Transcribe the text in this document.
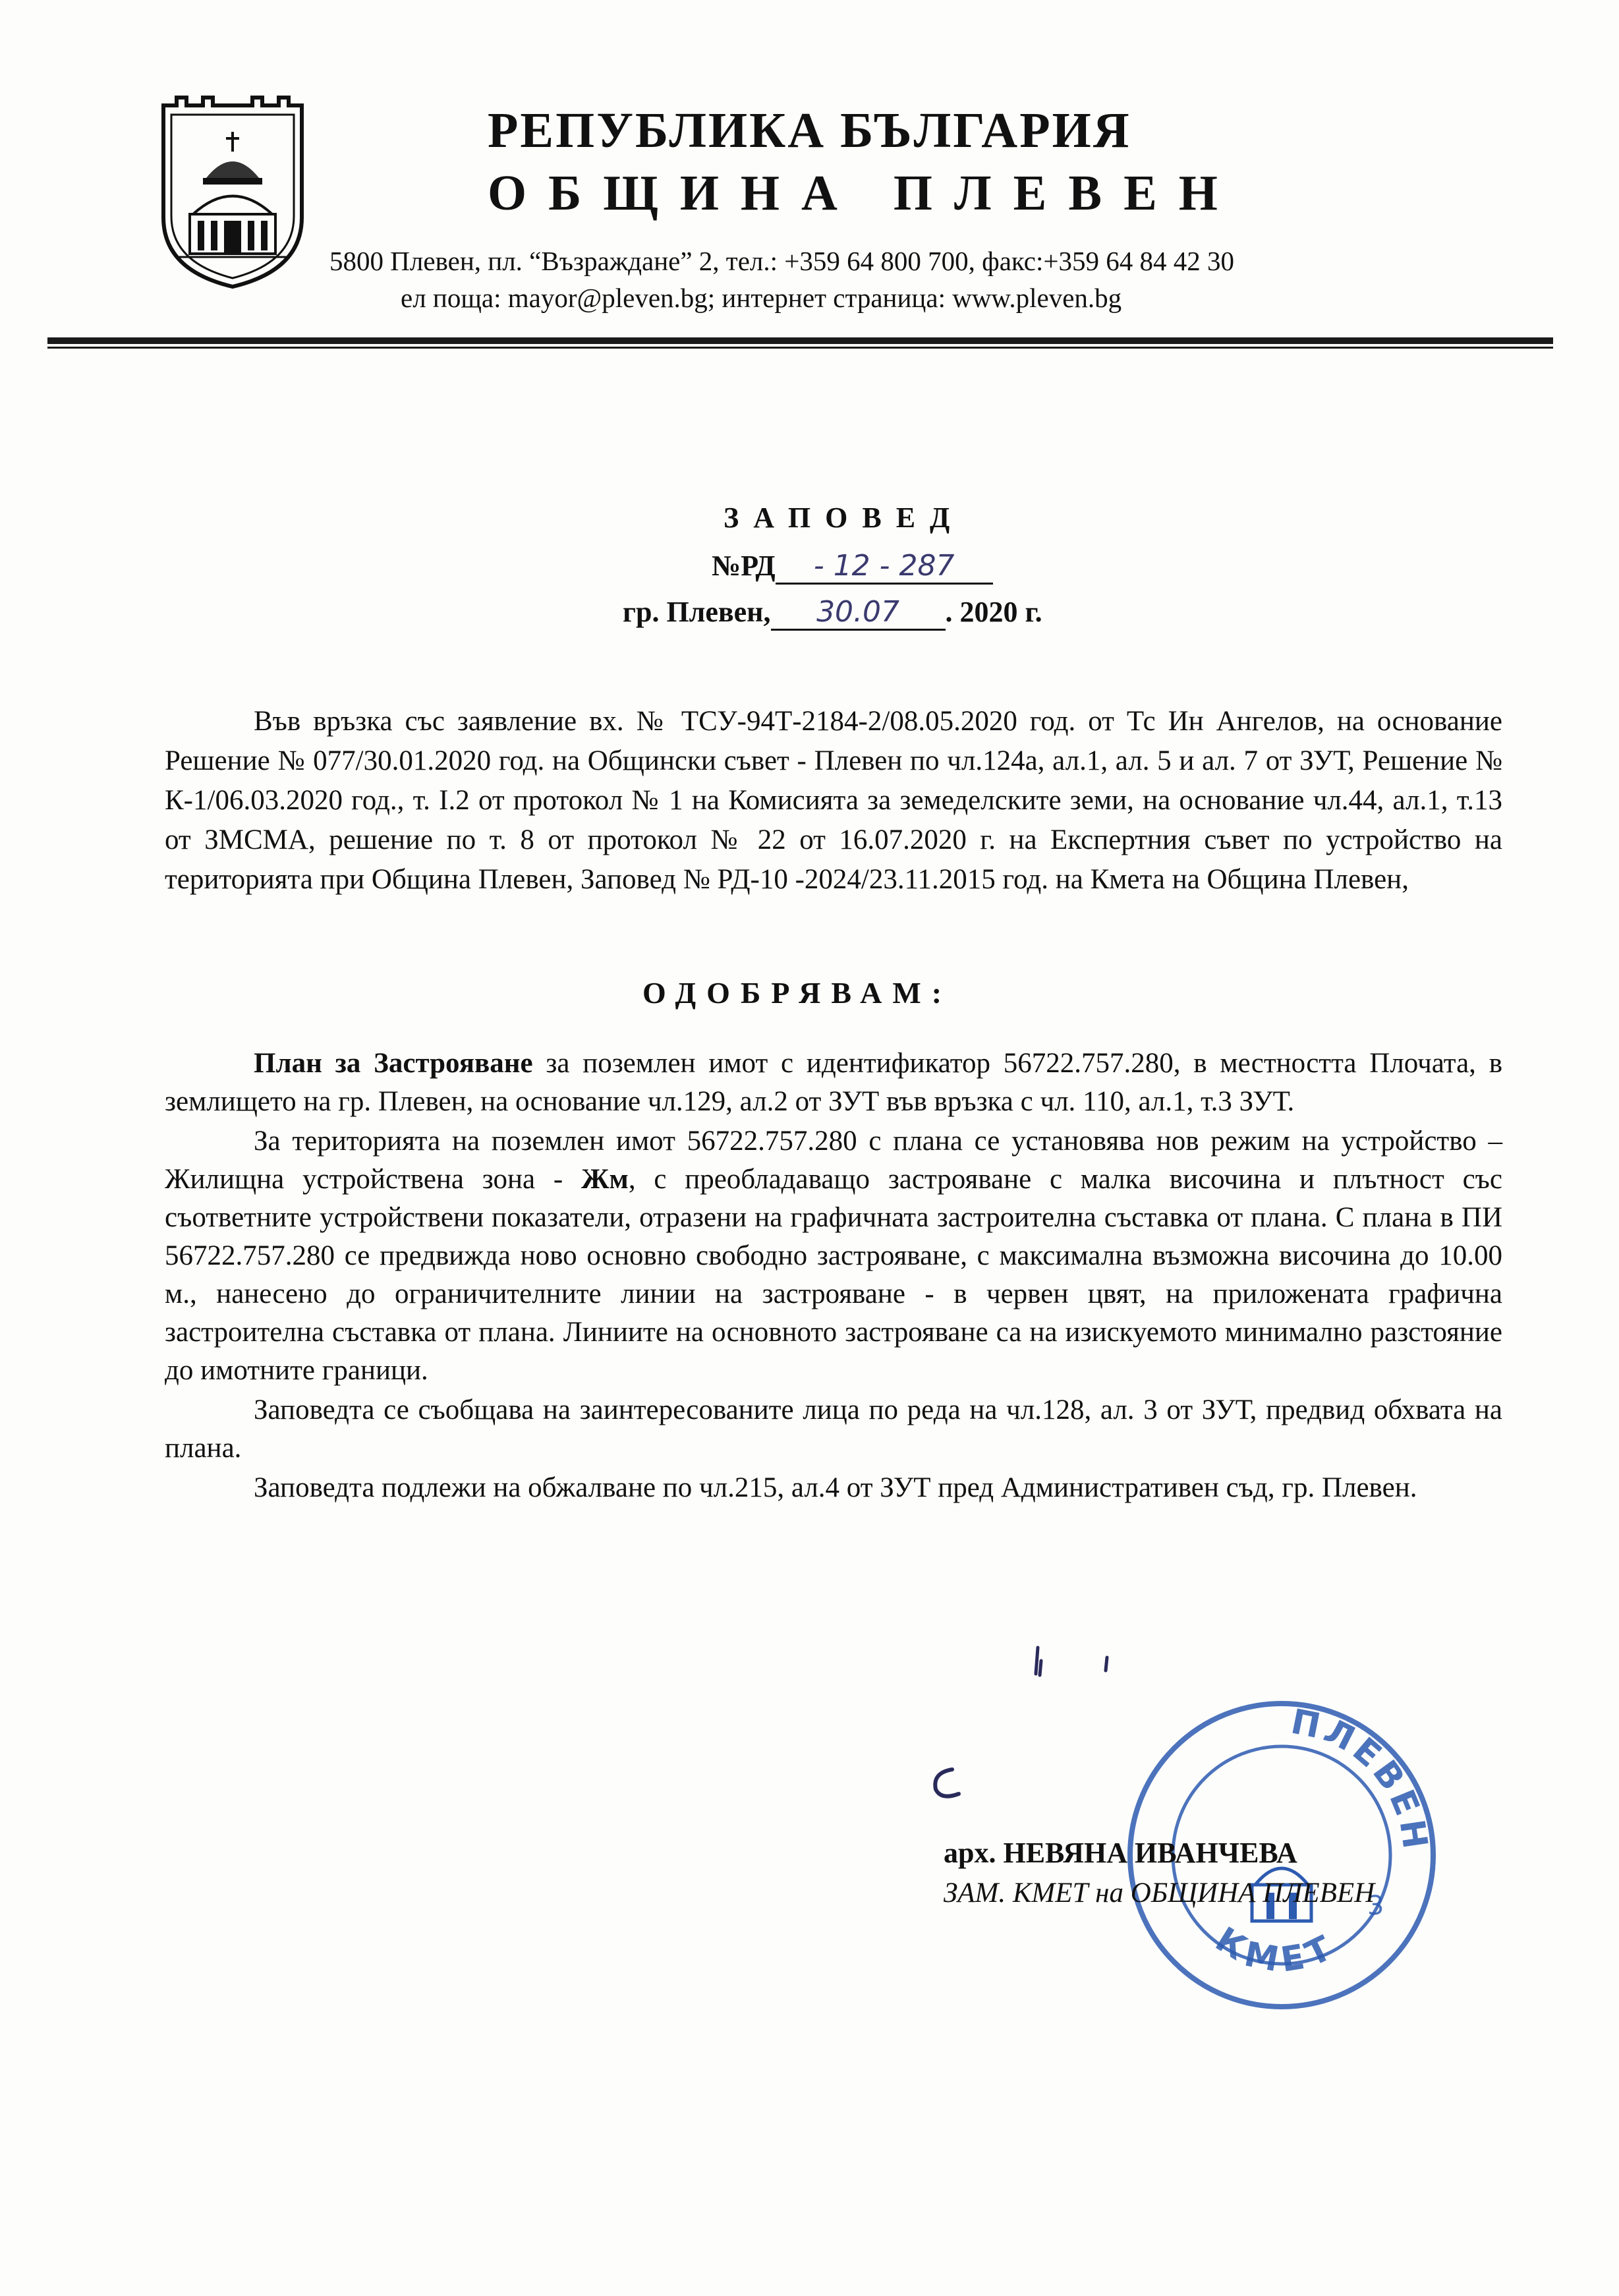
РЕПУБЛИКА БЪЛГАРИЯ
ОБЩИНА ПЛЕВЕН
5800 Плевен, пл. “Възраждане” 2, тел.: +359 64 800 700, факс:+359 64 84 42 30
ел поща: mayor@pleven.bg; интернет страница: www.pleven.bg
ЗАПОВЕД
№РД - 12 - 287
гр. Плевен, 30.07 . 2020 г.

Във връзка със заявление вх. № ТСУ-94Т-2184-2/08.05.2020 год. от Тс Ин Ангелов, на основание Решение № 077/30.01.2020 год. на Общински съвет - Плевен по чл.124а, ал.1, ал. 5 и ал. 7 от ЗУТ, Решение № К-1/06.03.2020 год., т. I.2 от протокол № 1 на Комисията за земеделските земи, на основание чл.44, ал.1, т.13 от ЗМСМА, решение по т. 8 от протокол № 22 от 16.07.2020 г. на Експертния съвет по устройство на територията при Община Плевен, Заповед № РД-10 -2024/23.11.2015 год. на Кмета на Община Плевен,

ОДОБРЯВАМ:

План за Застрояване за поземлен имот с идентификатор 56722.757.280, в местността Плочата, в землището на гр. Плевен, на основание чл.129, ал.2 от ЗУТ във връзка с чл. 110, ал.1, т.3 ЗУТ.

За територията на поземлен имот 56722.757.280 с плана се установява нов режим на устройство – Жилищна устройствена зона - Жм, с преобладаващо застрояване с малка височина и плътност със съответните устройствени показатели, отразени на графичната застроителна съставка от плана. С плана в ПИ 56722.757.280 се предвижда ново основно свободно застрояване, с максимална възможна височина до 10.00 м., нанесено до ограничителните линии на застрояване - в червен цвят, на приложената графична застроителна съставка от плана. Линиите на основното застрояване са на изискуемото минимално разстояние до имотните граници.

Заповедта се съобщава на заинтересованите лица по реда на чл.128, ал. 3 от ЗУТ, предвид обхвата на плана.

Заповедта подлежи на обжалване по чл.215, ал.4 от ЗУТ пред Административен съд, гр. Плевен.

ПЛЕВЕН
КМЕТ
3
арх. НЕВЯНА ИВАНЧЕВА
ЗАМ. КМЕТ на ОБЩИНА ПЛЕВЕН
